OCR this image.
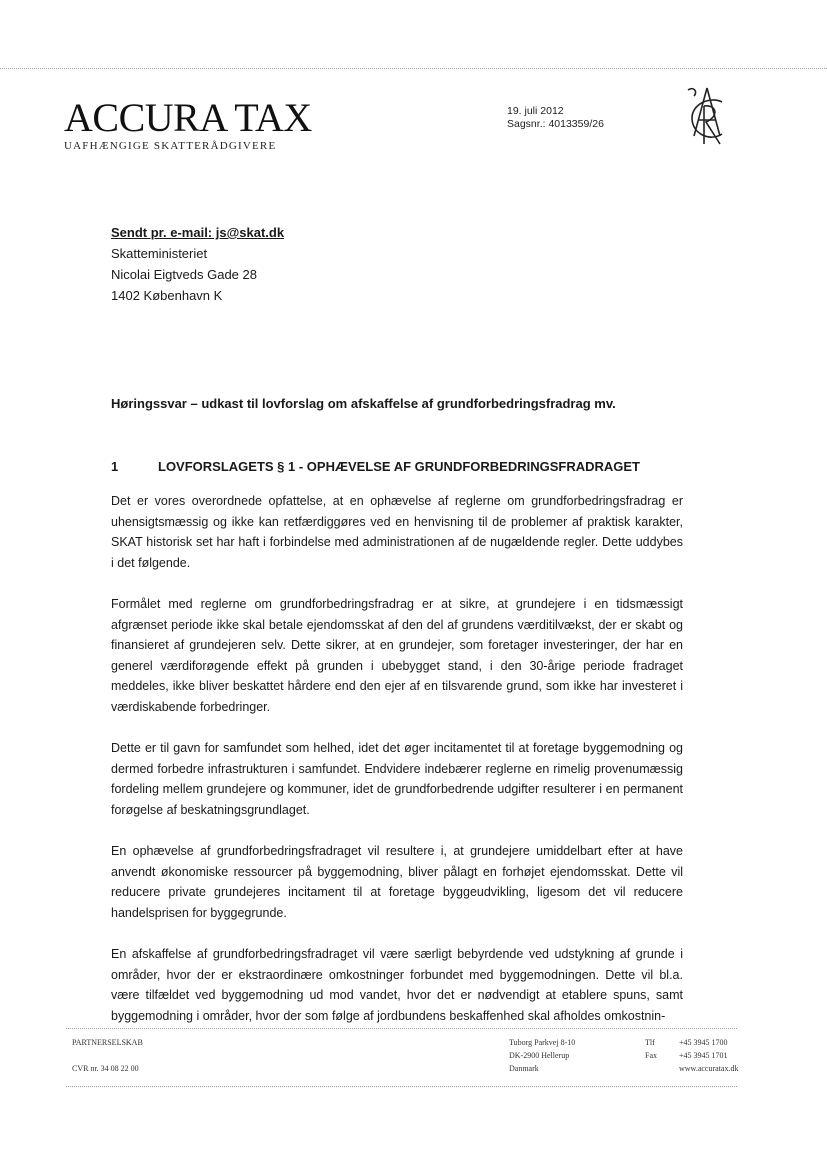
ACCURA TAX
UAFHÆNGIGE SKATTERÅDGIVERE
19. juli 2012
Sagsnr.: 4013359/26
Sendt pr. e-mail: js@skat.dk
Skatteministeriet
Nicolai Eigtveds Gade 28
1402 København K
Høringssvar – udkast til lovforslag om afskaffelse af grundforbedringsfradrag mv.
1	LOVFORSLAGETS § 1 - OPHÆVELSE AF GRUNDFORBEDRINGSFRADRAGET

Det er vores overordnede opfattelse, at en ophævelse af reglerne om grundforbedringsfradrag er uhensigtsmæssig og ikke kan retfærdiggøres ved en henvisning til de problemer af praktisk karakter, SKAT historisk set har haft i forbindelse med administrationen af de nugældende regler. Dette uddybes i det følgende.

Formålet med reglerne om grundforbedringsfradrag er at sikre, at grundejere i en tidsmæssigt afgrænset periode ikke skal betale ejendomsskat af den del af grundens værditilvækst, der er skabt og finansieret af grundejeren selv. Dette sikrer, at en grundejer, som foretager investeringer, der har en generel værdiforøgende effekt på grunden i ubebygget stand, i den 30-årige periode fradraget meddeles, ikke bliver beskattet hårdere end den ejer af en tilsvarende grund, som ikke har investeret i værdiskabende forbedringer.

Dette er til gavn for samfundet som helhed, idet det øger incitamentet til at foretage byggemodning og dermed forbedre infrastrukturen i samfundet. Endvidere indebærer reglerne en rimelig provenumæssig fordeling mellem grundejere og kommuner, idet de grundforbedrende udgifter resulterer i en permanent forøgelse af beskatningsgrundlaget.

En ophævelse af grundforbedringsfradraget vil resultere i, at grundejere umiddelbart efter at have anvendt økonomiske ressourcer på byggemodning, bliver pålagt en forhøjet ejendomsskat. Dette vil reducere private grundejeres incitament til at foretage byggeudvikling, ligesom det vil reducere handelsprisen for byggegrunde.

En afskaffelse af grundforbedringsfradraget vil være særligt bebyrdende ved udstykning af grunde i områder, hvor der er ekstraordinære omkostninger forbundet med byggemodningen. Dette vil bl.a. være tilfældet ved byggemodning ud mod vandet, hvor det er nødvendigt at etablere spuns, samt byggemodning i områder, hvor der som følge af jordbundens beskaffenhed skal afholdes omkostnin-

PARTNERSELSKAB
CVR nr. 34 08 22 00
Tuborg Parkvej 8-10
DK-2900 Hellerup
Danmark
Tlf	+45 3945 1700
Fax	+45 3945 1701
www.accuratax.dk
